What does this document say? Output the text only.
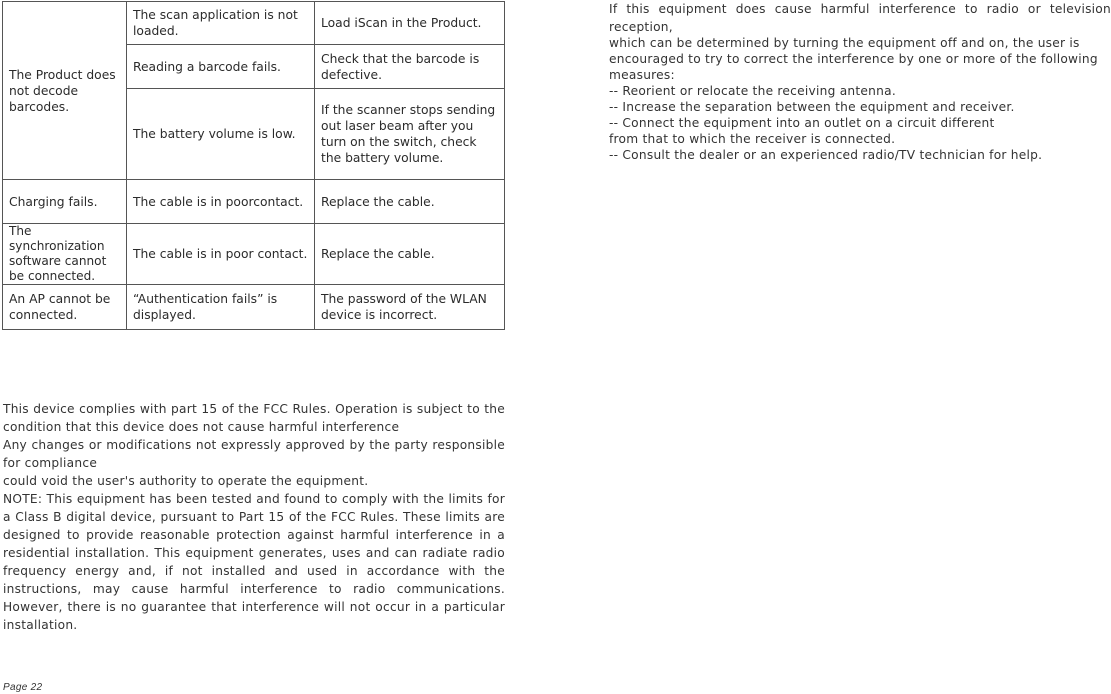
The Product does not decode barcodes.	The scan application is not loaded.	Load iScan in the Product.
	Reading a barcode fails.	Check that the barcode is defective.
	The battery volume is low.	If the scanner stops sending out laser beam after you turn on the switch, check the battery volume.
Charging fails.	The cable is in poorcontact.	Replace the cable.
The synchronization software cannot be connected.	The cable is in poor contact.	Replace the cable.
An AP cannot be connected.	“Authentication fails” is displayed.	The password of the WLAN device is incorrect.

This device complies with part 15 of the FCC Rules. Operation is subject to the

condition that this device does not cause harmful interference

Any changes or modifications not expressly approved by the party responsible

for compliance

could void the user's authority to operate the equipment.

NOTE: This equipment has been tested and found to comply with the limits for a Class B digital device, pursuant to Part 15 of the FCC Rules. These limits are designed to provide reasonable protection against harmful interference in a residential installation. This equipment generates, uses and can radiate radio frequency energy and, if not installed and used in accordance with the instructions, may cause harmful interference to radio communications. However, there is no guarantee that interference will not occur in a particular

installation.

If this equipment does cause harmful interference to radio or television

reception,

which can be determined by turning the equipment off and on, the user is

encouraged to try to correct the interference by one or more of the following

measures:

-- Reorient or relocate the receiving antenna.

-- Increase the separation between the equipment and receiver.

-- Connect the equipment into an outlet on a circuit different

from that to which the receiver is connected.

-- Consult the dealer or an experienced radio/TV technician for help.

Page 22
